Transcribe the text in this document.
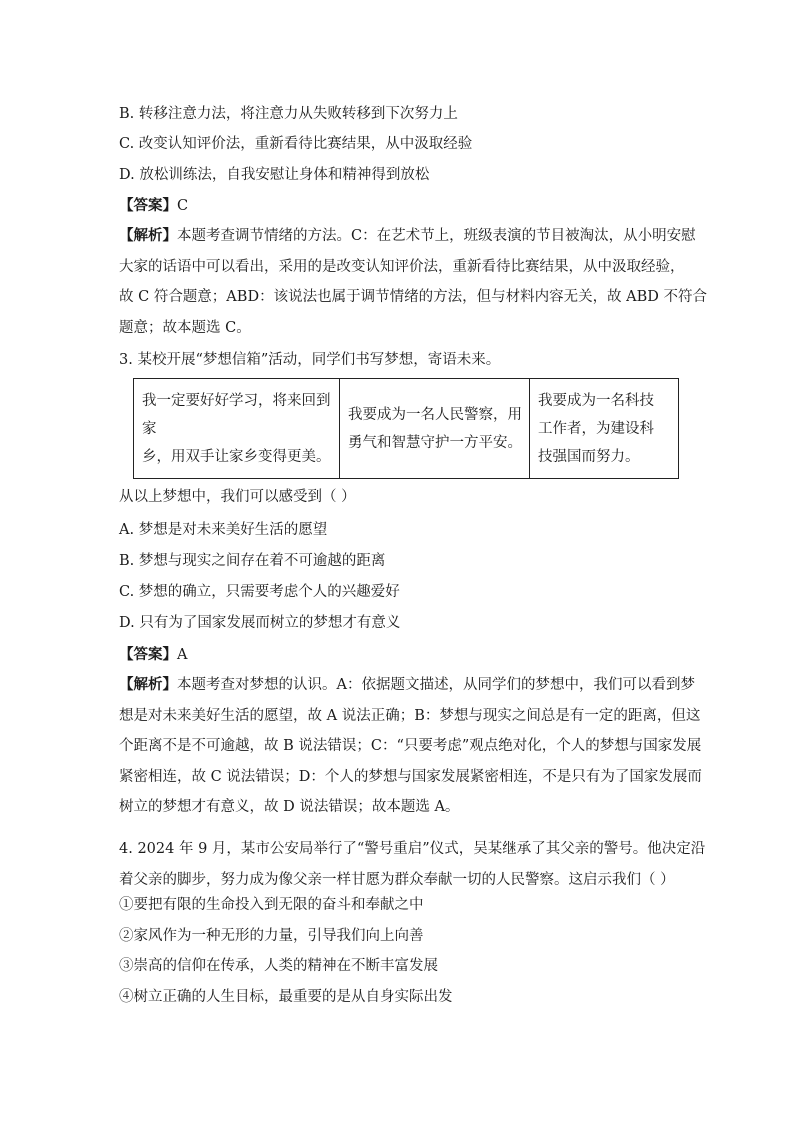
B. 转移注意力法，将注意力从失败转移到下次努力上
C. 改变认知评价法，重新看待比赛结果，从中汲取经验
D. 放松训练法，自我安慰让身体和精神得到放松
【答案】C
【解析】本题考查调节情绪的方法。C：在艺术节上，班级表演的节目被淘汰，从小明安慰
大家的话语中可以看出，采用的是改变认知评价法，重新看待比赛结果，从中汲取经验，
故 C 符合题意；ABD：该说法也属于调节情绪的方法，但与材料内容无关，故 ABD 不符合
题意；故本题选 C。
3. 某校开展“梦想信箱”活动，同学们书写梦想，寄语未来。
我一定要好好学习，将来回到家
乡，用双手让家乡变得更美。

我要成为一名人民警察，用
勇气和智慧守护一方平安。

我要成为一名科技
工作者，为建设科
技强国而努力。
从以上梦想中，我们可以感受到（ ）
A. 梦想是对未来美好生活的愿望
B. 梦想与现实之间存在着不可逾越的距离
C. 梦想的确立，只需要考虑个人的兴趣爱好
D. 只有为了国家发展而树立的梦想才有意义
【答案】A
【解析】本题考查对梦想的认识。A：依据题文描述，从同学们的梦想中，我们可以看到梦
想是对未来美好生活的愿望，故 A 说法正确；B：梦想与现实之间总是有一定的距离，但这
个距离不是不可逾越，故 B 说法错误；C：“只要考虑”观点绝对化，个人的梦想与国家发展
紧密相连，故 C 说法错误；D：个人的梦想与国家发展紧密相连，不是只有为了国家发展而
树立的梦想才有意义，故 D 说法错误；故本题选 A。
4. 2024 年 9 月，某市公安局举行了“警号重启”仪式，吴某继承了其父亲的警号。他决定沿
着父亲的脚步，努力成为像父亲一样甘愿为群众奉献一切的人民警察。这启示我们（ ）
①要把有限的生命投入到无限的奋斗和奉献之中
②家风作为一种无形的力量，引导我们向上向善
③崇高的信仰在传承，人类的精神在不断丰富发展
④树立正确的人生目标，最重要的是从自身实际出发
